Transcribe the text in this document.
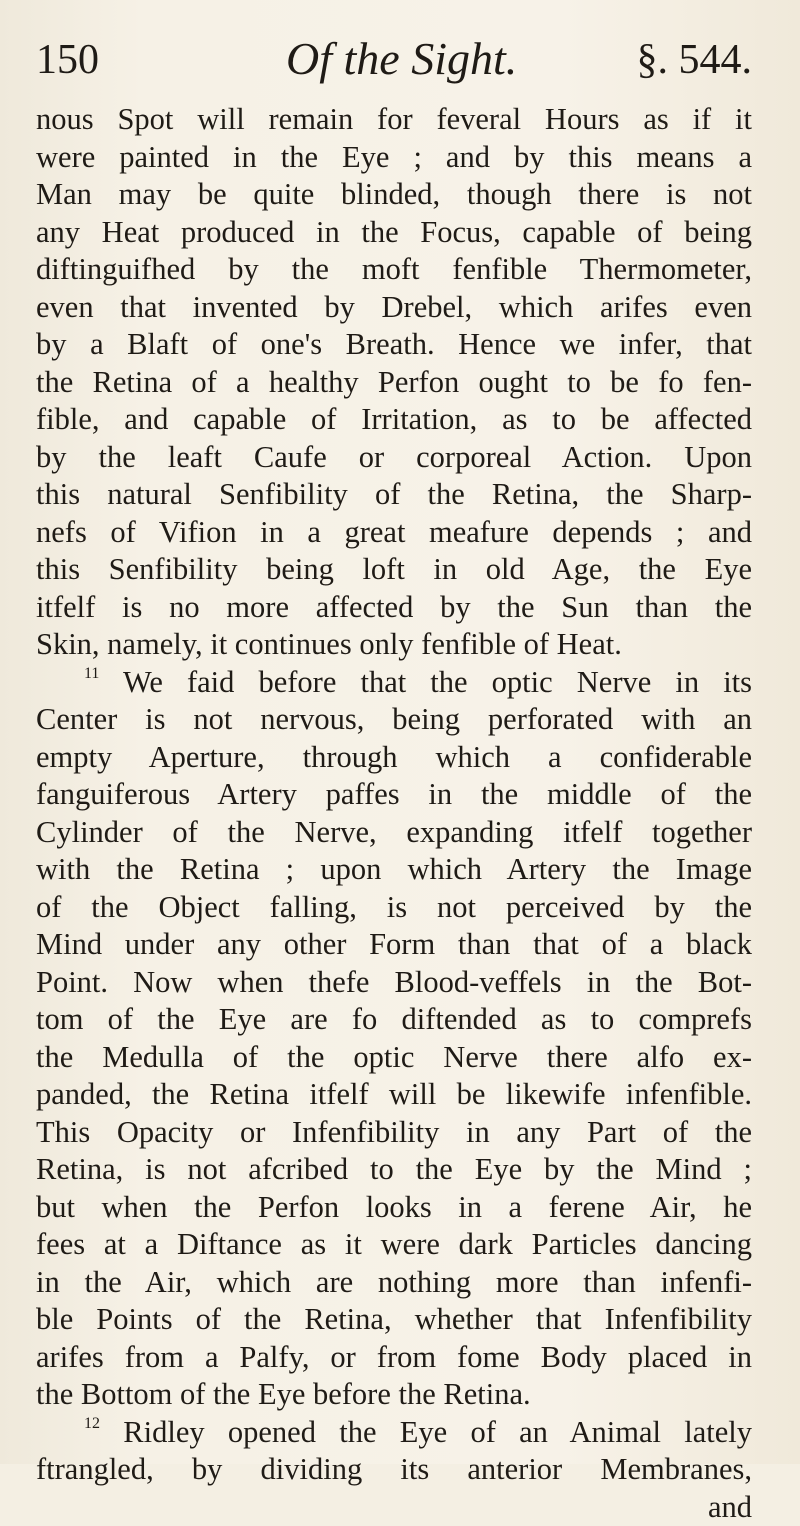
150	Of the Sight.	§. 544.
nous Spot will remain for feveral Hours as if it
were painted in the Eye ; and by this means a
Man may be quite blinded, though there is not
any Heat produced in the Focus, capable of being
diftinguifhed by the moft fenfible Thermometer,
even that invented by Drebel, which arifes even
by a Blaft of one's Breath. Hence we infer, that
the Retina of a healthy Perfon ought to be fo fen-
fible, and capable of Irritation, as to be affected
by the leaft Caufe or corporeal Action. Upon
this natural Senfibility of the Retina, the Sharp-
nefs of Vifion in a great meafure depends ; and
this Senfibility being loft in old Age, the Eye
itfelf is no more affected by the Sun than the
Skin, namely, it continues only fenfible of Heat.
$^{11}$ We faid before that the optic Nerve in its
Center is not nervous, being perforated with an
empty Aperture, through which a confiderable
fanguiferous Artery paffes in the middle of the
Cylinder of the Nerve, expanding itfelf together
with the Retina ; upon which Artery the Image
of the Object falling, is not perceived by the
Mind under any other Form than that of a black
Point. Now when thefe Blood-veffels in the Bot-
tom of the Eye are fo diftended as to comprefs
the Medulla of the optic Nerve there alfo ex-
panded, the Retina itfelf will be likewife infenfible.
This Opacity or Infenfibility in any Part of the
Retina, is not afcribed to the Eye by the Mind ;
but when the Perfon looks in a ferene Air, he
fees at a Diftance as it were dark Particles dancing
in the Air, which are nothing more than infenfi-
ble Points of the Retina, whether that Infenfibility
arifes from a Palfy, or from fome Body placed in
the Bottom of the Eye before the Retina.
$^{12}$ Ridley opened the Eye of an Animal lately
ftrangled, by dividing its anterior Membranes,
and
